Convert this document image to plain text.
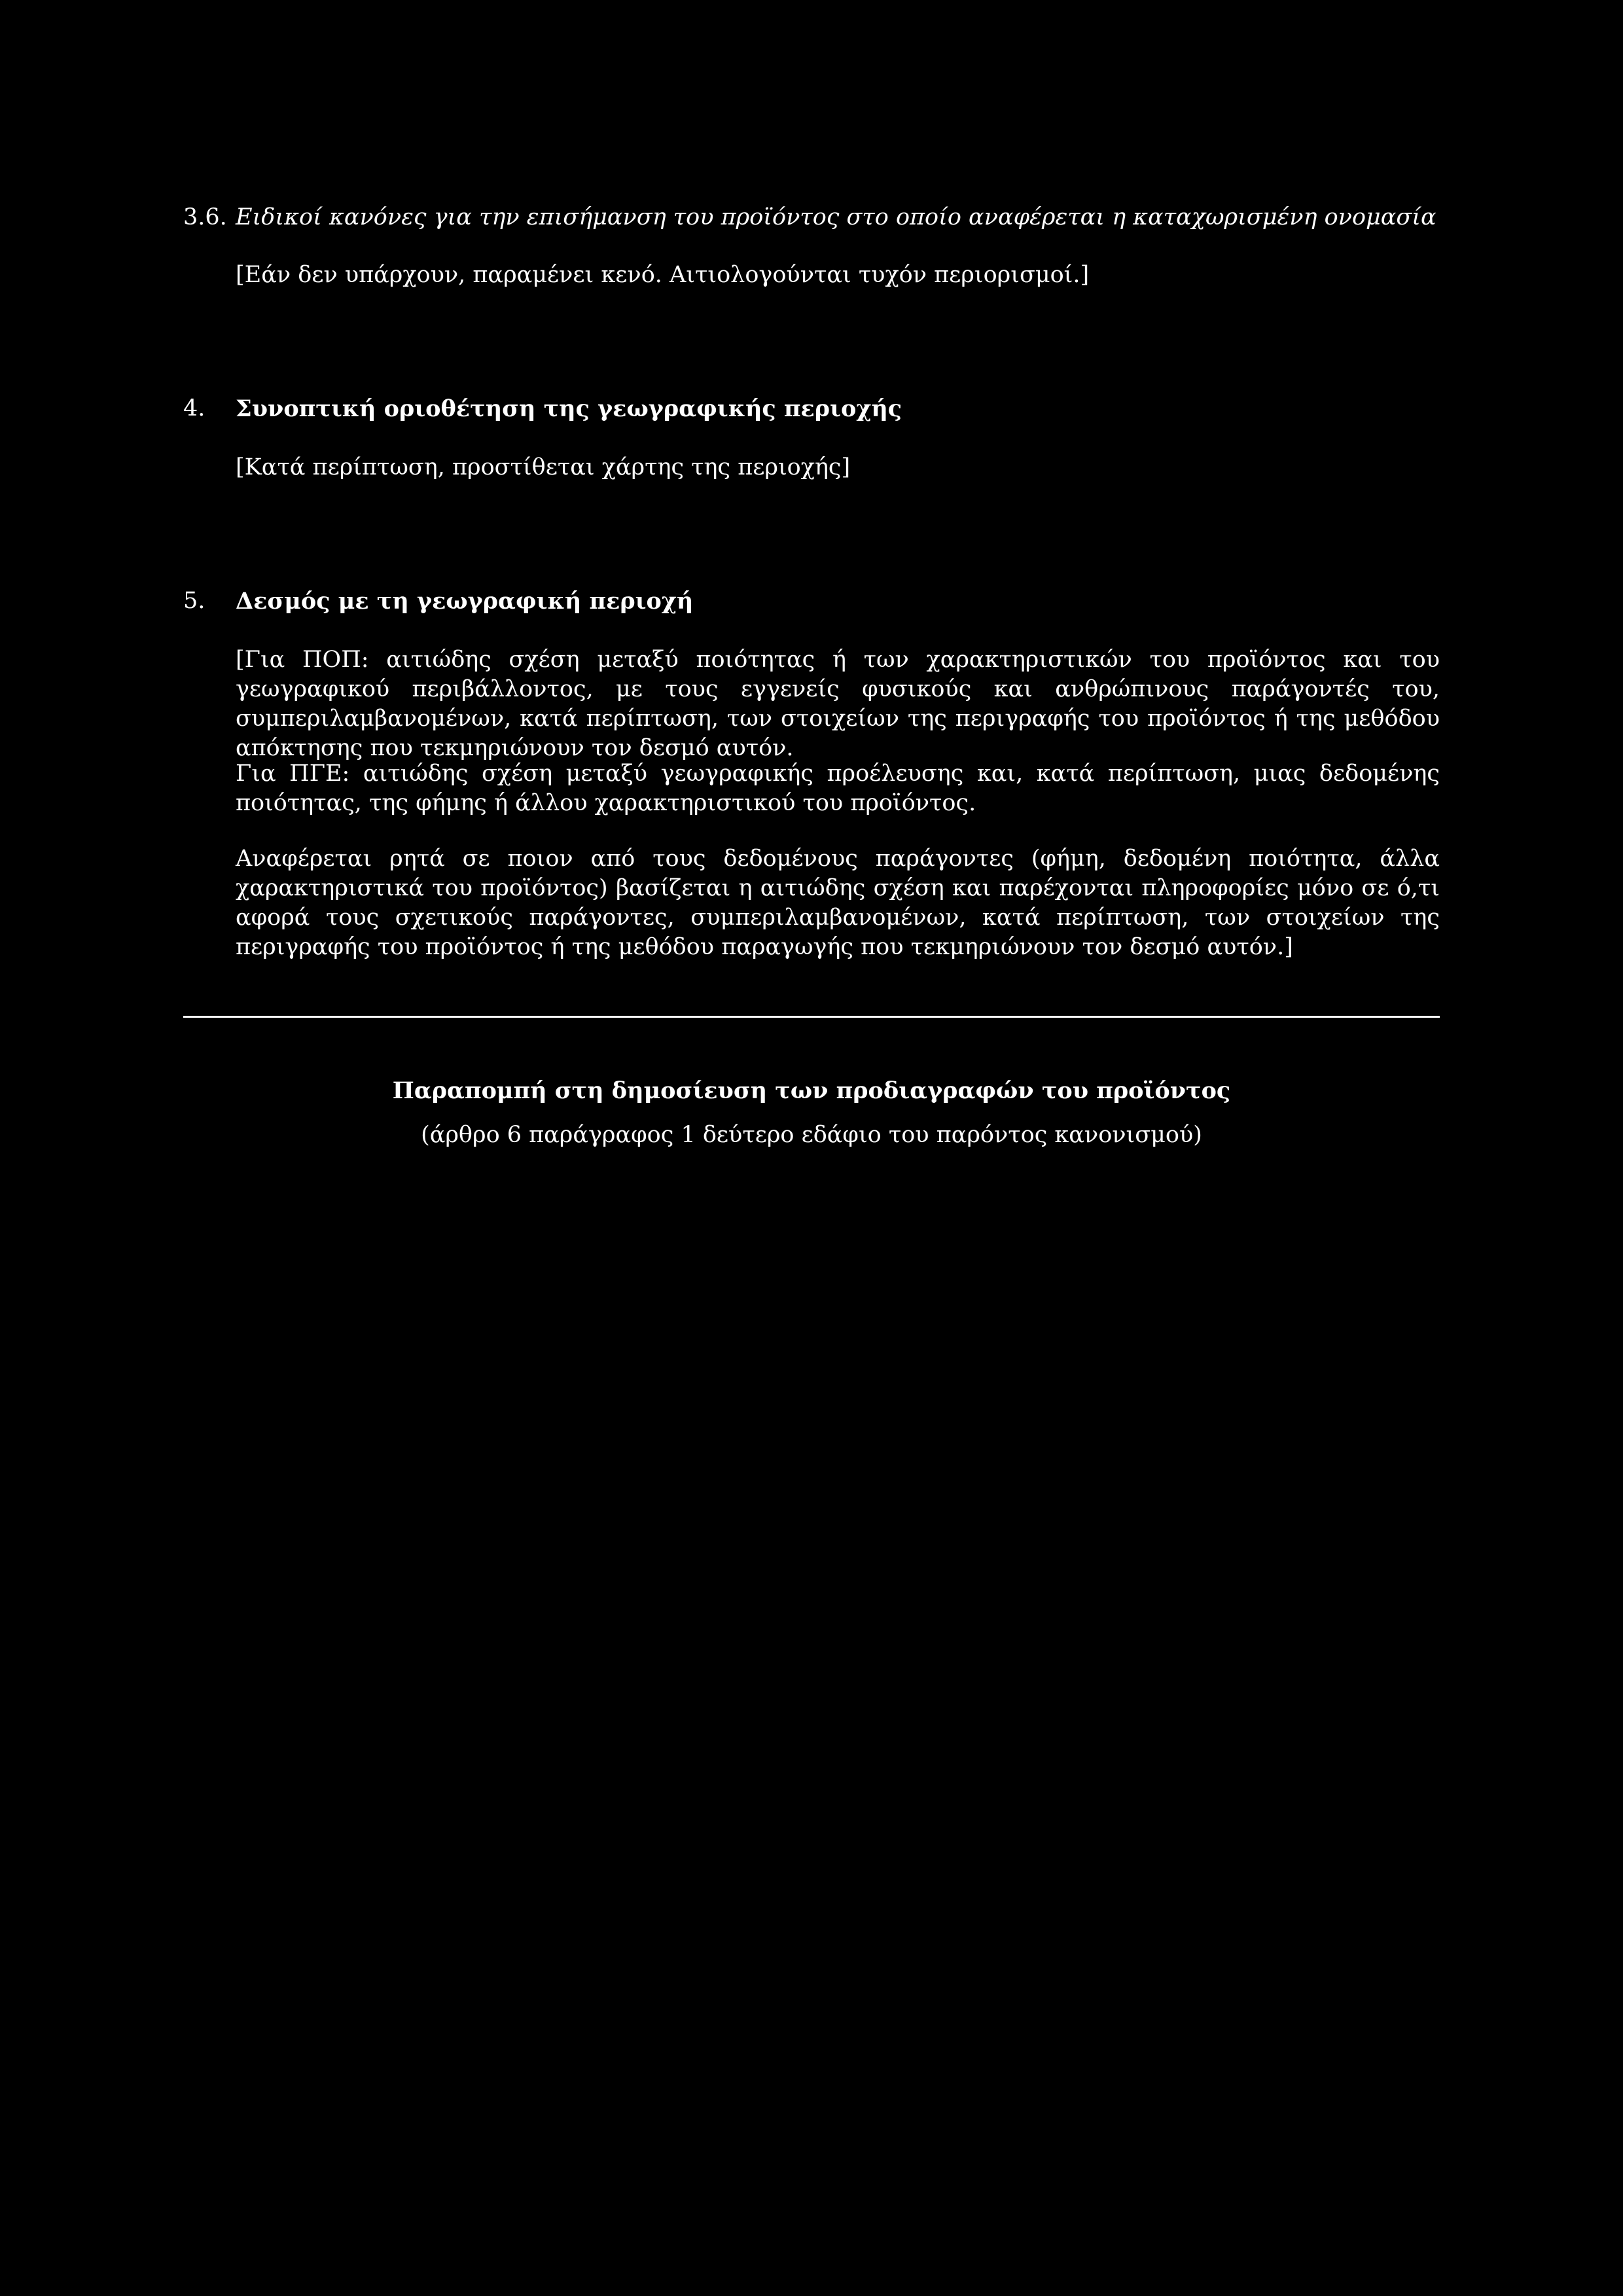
3.6. Ειδικοί κανόνες για την επισήμανση του προϊόντος στο οποίο αναφέρεται η καταχωρισμένη ονομασία

[Εάν δεν υπάρχουν, παραμένει κενό. Αιτιολογούνται τυχόν περιορισμοί.]

4. Συνοπτική οριοθέτηση της γεωγραφικής περιοχής

[Κατά περίπτωση, προστίθεται χάρτης της περιοχής]

5. Δεσμός με τη γεωγραφική περιοχή

[Για ΠΟΠ: αιτιώδης σχέση μεταξύ ποιότητας ή των χαρακτηριστικών του προϊόντος και του γεωγραφικού περιβάλλοντος, με τους εγγενείς φυσικούς και ανθρώπινους παράγοντές του, συμπεριλαμβανομένων, κατά περίπτωση, των στοιχείων της περιγραφής του προϊόντος ή της μεθόδου απόκτησης που τεκμηριώνουν τον δεσμό αυτόν.

Για ΠΓΕ: αιτιώδης σχέση μεταξύ γεωγραφικής προέλευσης και, κατά περίπτωση, μιας δεδομένης ποιότητας, της φήμης ή άλλου χαρακτηριστικού του προϊόντος.

Αναφέρεται ρητά σε ποιον από τους δεδομένους παράγοντες (φήμη, δεδομένη ποιότητα, άλλα χαρακτηριστικά του προϊόντος) βασίζεται η αιτιώδης σχέση και παρέχονται πληροφορίες μόνο σε ό,τι αφορά τους σχετικούς παράγοντες, συμπεριλαμβανομένων, κατά περίπτωση, των στοιχείων της περιγραφής του προϊόντος ή της μεθόδου παραγωγής που τεκμηριώνουν τον δεσμό αυτόν.]

Παραπομπή στη δημοσίευση των προδιαγραφών του προϊόντος

(άρθρο 6 παράγραφος 1 δεύτερο εδάφιο του παρόντος κανονισμού)
